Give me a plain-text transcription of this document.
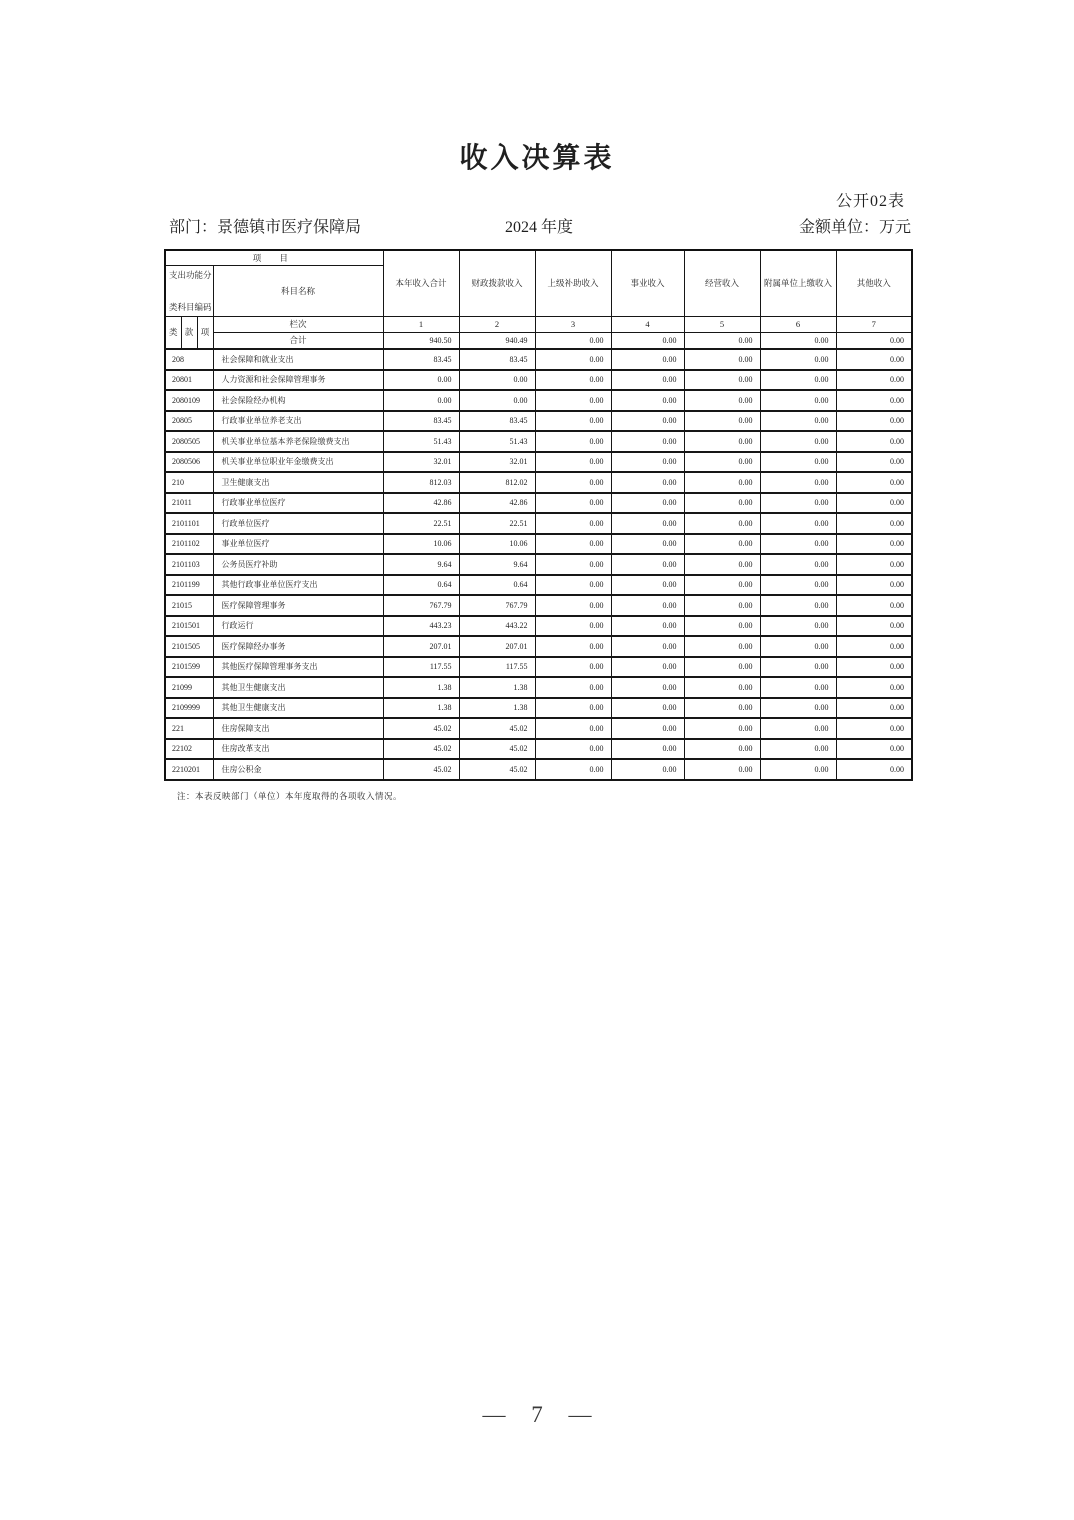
收入决算表
公开02表
部门：景德镇市医疗保障局	2024 年度	金额单位：万元
项 目				本年收入合计	财政拨款收入	上级补助收入	事业收入	经营收入	附属单位上缴收入	其他收入

支出功能分
类科目编码			科目名称							
类	款	项	栏次	1	2	3	4	5	6	7
			合计	940.50	940.49	0.00	0.00	0.00	0.00	0.00
208			社会保障和就业支出	83.45	83.45	0.00	0.00	0.00	0.00	0.00
20801			人力资源和社会保障管理事务	0.00	0.00	0.00	0.00	0.00	0.00	0.00
2080109			社会保险经办机构	0.00	0.00	0.00	0.00	0.00	0.00	0.00
20805			行政事业单位养老支出	83.45	83.45	0.00	0.00	0.00	0.00	0.00
2080505			机关事业单位基本养老保险缴费支出	51.43	51.43	0.00	0.00	0.00	0.00	0.00
2080506			机关事业单位职业年金缴费支出	32.01	32.01	0.00	0.00	0.00	0.00	0.00
210			卫生健康支出	812.03	812.02	0.00	0.00	0.00	0.00	0.00
21011			行政事业单位医疗	42.86	42.86	0.00	0.00	0.00	0.00	0.00
2101101			行政单位医疗	22.51	22.51	0.00	0.00	0.00	0.00	0.00
2101102			事业单位医疗	10.06	10.06	0.00	0.00	0.00	0.00	0.00
2101103			公务员医疗补助	9.64	9.64	0.00	0.00	0.00	0.00	0.00
2101199			其他行政事业单位医疗支出	0.64	0.64	0.00	0.00	0.00	0.00	0.00
21015			医疗保障管理事务	767.79	767.79	0.00	0.00	0.00	0.00	0.00
2101501			行政运行	443.23	443.22	0.00	0.00	0.00	0.00	0.00
2101505			医疗保障经办事务	207.01	207.01	0.00	0.00	0.00	0.00	0.00
2101599			其他医疗保障管理事务支出	117.55	117.55	0.00	0.00	0.00	0.00	0.00
21099			其他卫生健康支出	1.38	1.38	0.00	0.00	0.00	0.00	0.00
2109999			其他卫生健康支出	1.38	1.38	0.00	0.00	0.00	0.00	0.00
221			住房保障支出	45.02	45.02	0.00	0.00	0.00	0.00	0.00
22102			住房改革支出	45.02	45.02	0.00	0.00	0.00	0.00	0.00
2210201			住房公积金	45.02	45.02	0.00	0.00	0.00	0.00	0.00
注：本表反映部门（单位）本年度取得的各项收入情况。
— 7 —
